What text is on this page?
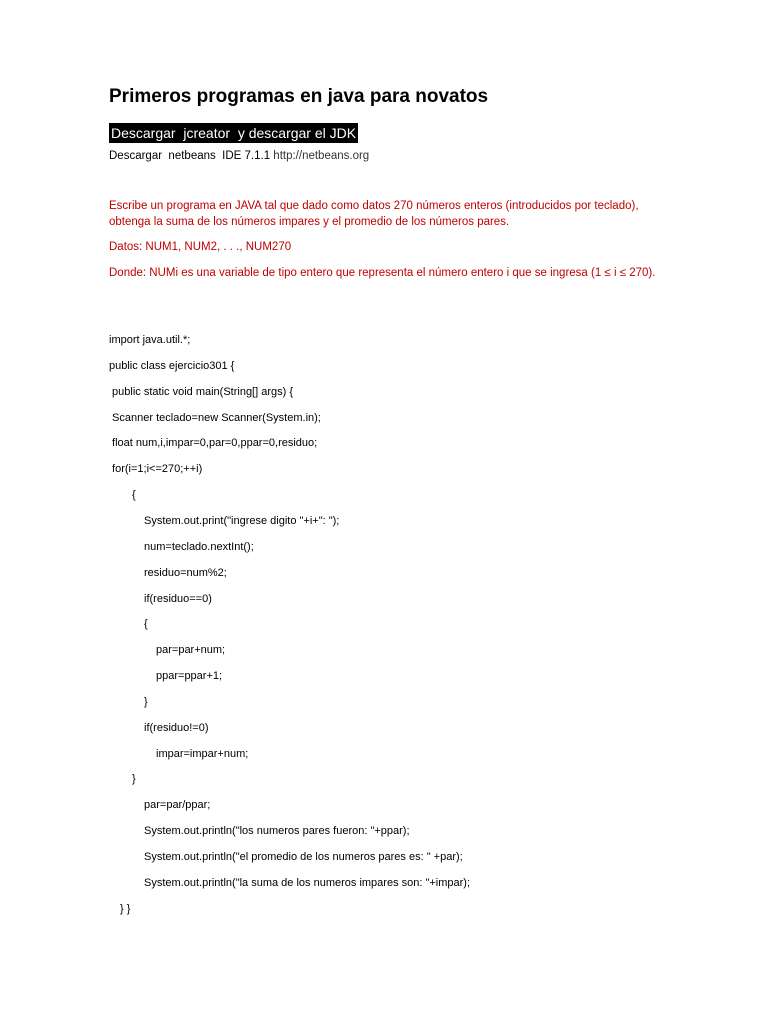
Primeros programas en java para novatos
Descargar  jcreator  y descargar el JDK
Descargar  netbeans  IDE 7.1.1 http://netbeans.org
Escribe un programa en JAVA tal que dado como datos 270 números enteros (introducidos por teclado), obtenga la suma de los números impares y el promedio de los números pares.
Datos: NUM1, NUM2, . . ., NUM270
Donde: NUMi es una variable de tipo entero que representa el número entero i que se ingresa (1 ≤ i ≤ 270).
import java.util.*;
public class ejercicio301 {
public static void main(String[] args) {
Scanner teclado=new Scanner(System.in);
float num,i,impar=0,par=0,ppar=0,residuo;
for(i=1;i<=270;++i)
{
System.out.print("ingrese digito "+i+": ");
num=teclado.nextInt();
residuo=num%2;
if(residuo==0)
{
par=par+num;
ppar=ppar+1;
}
if(residuo!=0)
impar=impar+num;
}
par=par/ppar;
System.out.println("los numeros pares fueron: "+ppar);
System.out.println("el promedio de los numeros pares es: " +par);
System.out.println("la suma de los numeros impares son: "+impar);
} }
